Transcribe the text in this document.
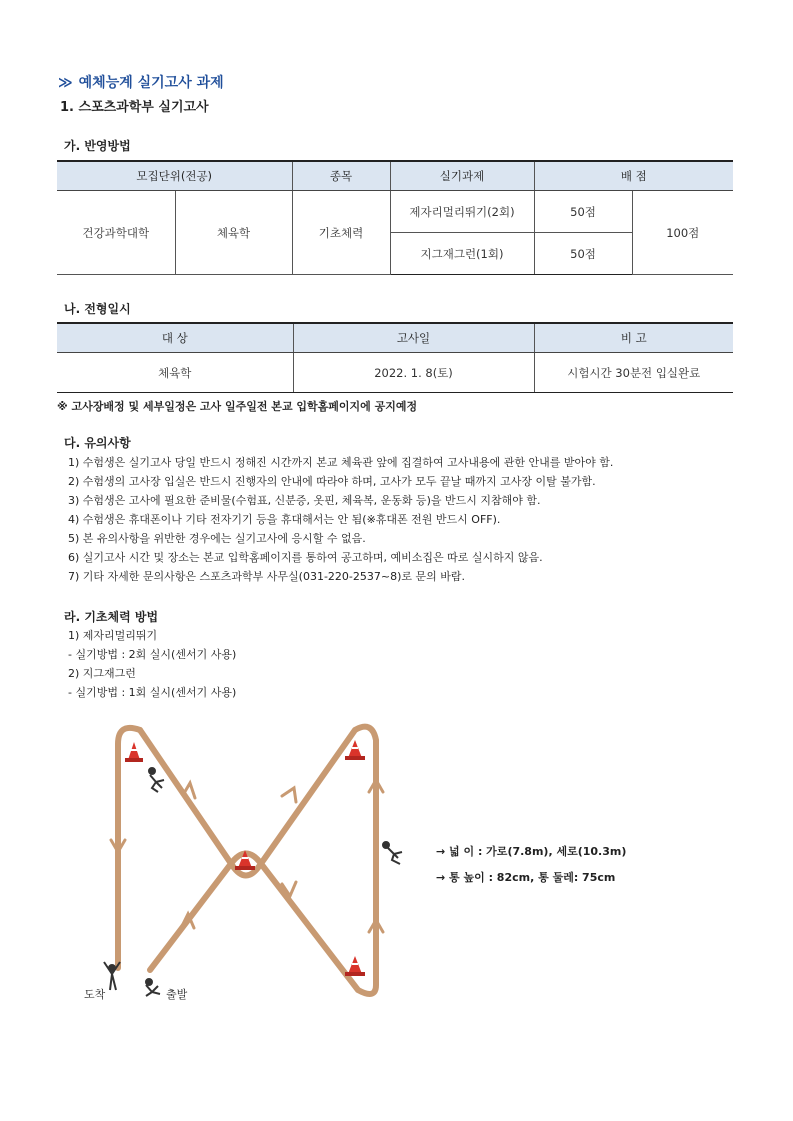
≫ 예체능계 실기고사 과제
1. 스포츠과학부 실기고사
가. 반영방법
모집단위(전공)		종목	실기과제	배 점	
건강과학대학	체육학	기초체력	제자리멀리뛰기(2회)	50점	100점
			지그재그런(1회)	50점	
나. 전형일시
대 상	고사일	비 고
체육학	2022. 1. 8(토)	시험시간 30분전 입실완료
※ 고사장배정 및 세부일정은 고사 일주일전 본교 입학홈페이지에 공지예정
다. 유의사항
1) 수험생은 실기고사 당일 반드시 정해진 시간까지 본교 체육관 앞에 집결하여 고사내용에 관한 안내를 받아야 함.
2) 수험생의 고사장 입실은 반드시 진행자의 안내에 따라야 하며, 고사가 모두 끝날 때까지 고사장 이탈 불가함.
3) 수험생은 고사에 필요한 준비물(수험표, 신분증, 옷핀, 체육복, 운동화 등)을 반드시 지참해야 함.
4) 수험생은 휴대폰이나 기타 전자기기 등을 휴대해서는 안 됨(※휴대폰 전원 반드시 OFF).
5) 본 유의사항을 위반한 경우에는 실기고사에 응시할 수 없음.
6) 실기고사 시간 및 장소는 본교 입학홈페이지를 통하여 공고하며, 예비소집은 따로 실시하지 않음.
7) 기타 자세한 문의사항은 스포츠과학부 사무실(031-220-2537~8)로 문의 바람.
라. 기초체력 방법
1) 제자리멀리뛰기
- 실기방법 : 2회 실시(센서기 사용)
2) 지그재그런
- 실기방법 : 1회 실시(센서기 사용)
도착	출발
→ 넓 이 : 가로(7.8m), 세로(10.3m)
→ 통 높이 : 82cm, 통 둘레: 75cm
